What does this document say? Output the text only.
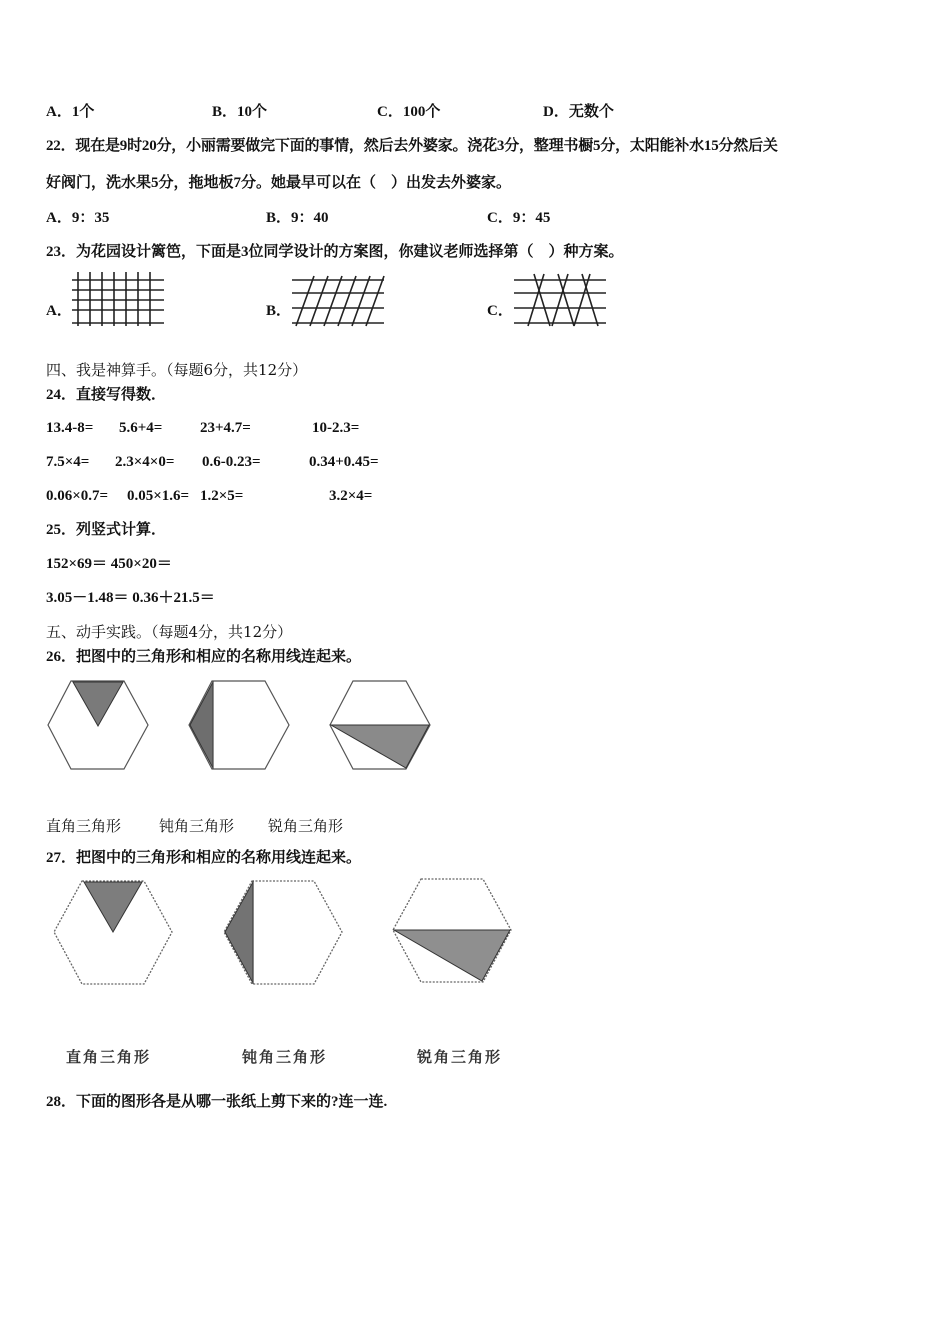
A．1个	B．10个	C．100个	D．无数个
22．现在是9时20分，小丽需要做完下面的事情，然后去外婆家。浇花3分，整理书橱5分，太阳能补水15分然后关
好阀门，洗水果5分，拖地板7分。她最早可以在（　）出发去外婆家。
A．9：35	B．9：40	C．9：45
23．为花园设计篱笆，下面是3位同学设计的方案图，你建议老师选择第（　）种方案。
A．	B．	C．
四、我是神算手。（每题6分，共12分）
24．直接写得数．
13.4-8= 5.6+4=	23+4.7=	10-2.3=
7.5×4= 2.3×4×0= 0.6-0.23=	0.34+0.45=
0.06×0.7= 0.05×1.6= 1.2×5=	3.2×4=
25．列竖式计算．
152×69＝ 450×20＝
3.05－1.48＝ 0.36＋21.5＝
五、动手实践。（每题4分，共12分）
26．把图中的三角形和相应的名称用线连起来。
直角三角形	钝角三角形 锐角三角形
27．把图中的三角形和相应的名称用线连起来。
直角三角形	钝角三角形	锐角三角形
28．下面的图形各是从哪一张纸上剪下来的?连一连.
